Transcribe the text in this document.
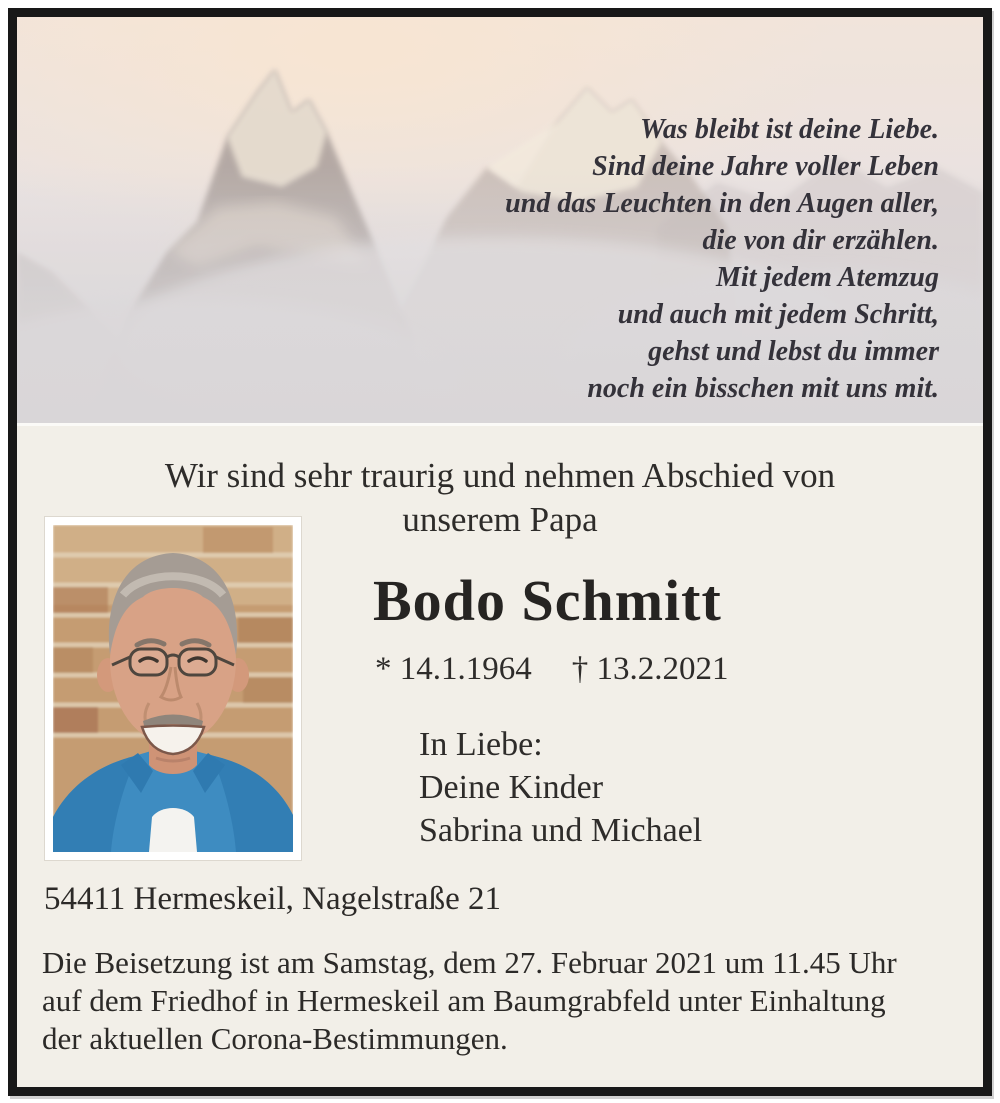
Was bleibt ist deine Liebe.
Sind deine Jahre voller Leben
und das Leuchten in den Augen aller,
die von dir erzählen.
Mit jedem Atemzug
und auch mit jedem Schritt,
gehst und lebst du immer
noch ein bisschen mit uns mit.
Wir sind sehr traurig und nehmen Abschied von
unserem Papa
Bodo Schmitt
* 14.1.1964 † 13.2.2021
In Liebe:
Deine Kinder
Sabrina und Michael
54411 Hermeskeil, Nagelstraße 21
Die Beisetzung ist am Samstag, dem 27. Februar 2021 um 11.45 Uhr
auf dem Friedhof in Hermeskeil am Baumgrabfeld unter Einhaltung
der aktuellen Corona-Bestimmungen.
